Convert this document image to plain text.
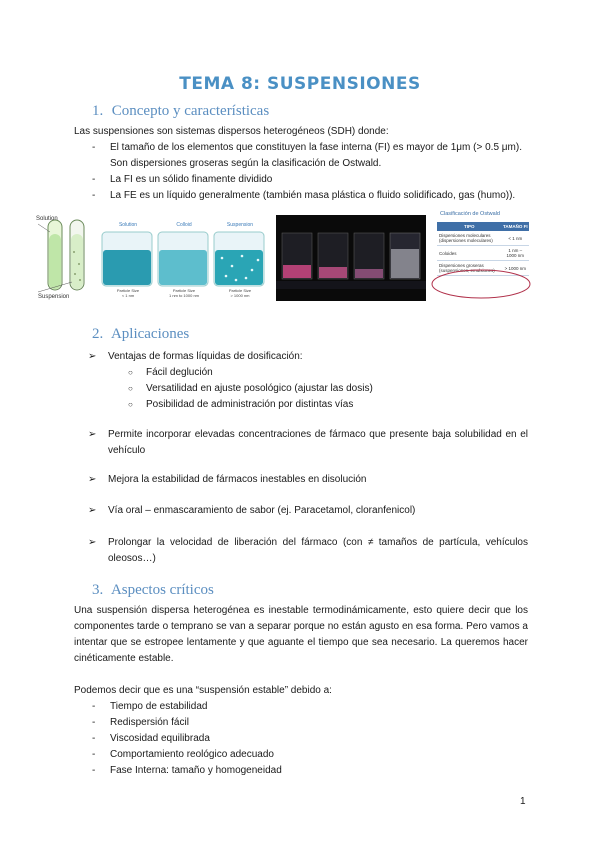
TEMA 8: SUSPENSIONES
1. Concepto y características
Las suspensiones son sistemas dispersos heterogéneos (SDH) donde:
- El tamaño de los elementos que constituyen la fase interna (FI) es mayor de 1μm (> 0.5 μm).
Son dispersiones groseras según la clasificación de Ostwald.
- La FI es un sólido finamente dividido
- La FE es un líquido generalmente (también masa plástica o fluido solidificado, gas (humo)).
Solution
Suspension
Solution	Colloid	Suspension
Particle Size
< 1 nm
Particle Size
1 nm to 1000 nm
Particle Size
> 1000 nm
Clasificación de Ostwald
TIPO	TAMAÑO FI
Dispersiones moleculares (dispersiones moleculares)	< 1 nm
Coloides	1 nm – 1000 nm
Dispersiones groseras (suspensiones, emulsiones)	> 1000 nm
2. Aplicaciones
➢ Ventajas de formas líquidas de dosificación:
○ Fácil deglución
○ Versatilidad en ajuste posológico (ajustar las dosis)
○ Posibilidad de administración por distintas vías
➢ Permite incorporar elevadas concentraciones de fármaco que presente baja solubilidad en el vehículo
➢ Mejora la estabilidad de fármacos inestables en disolución
➢ Vía oral – enmascaramiento de sabor (ej. Paracetamol, cloranfenicol)
➢ Prolongar la velocidad de liberación del fármaco (con ≠ tamaños de partícula, vehículos oleosos…)
3. Aspectos críticos
Una suspensión dispersa heterogénea es inestable termodinámicamente, esto quiere decir que los componentes tarde o temprano se van a separar porque no están agusto en esa forma. Pero vamos a intentar que se estropee lentamente y que aguante el tiempo que sea necesario. La queremos hacer cinéticamente estable.
Podemos decir que es una “suspensión estable” debido a:
- Tiempo de estabilidad
- Redispersión fácil
- Viscosidad equilibrada
- Comportamiento reológico adecuado
- Fase Interna: tamaño y homogeneidad
1
